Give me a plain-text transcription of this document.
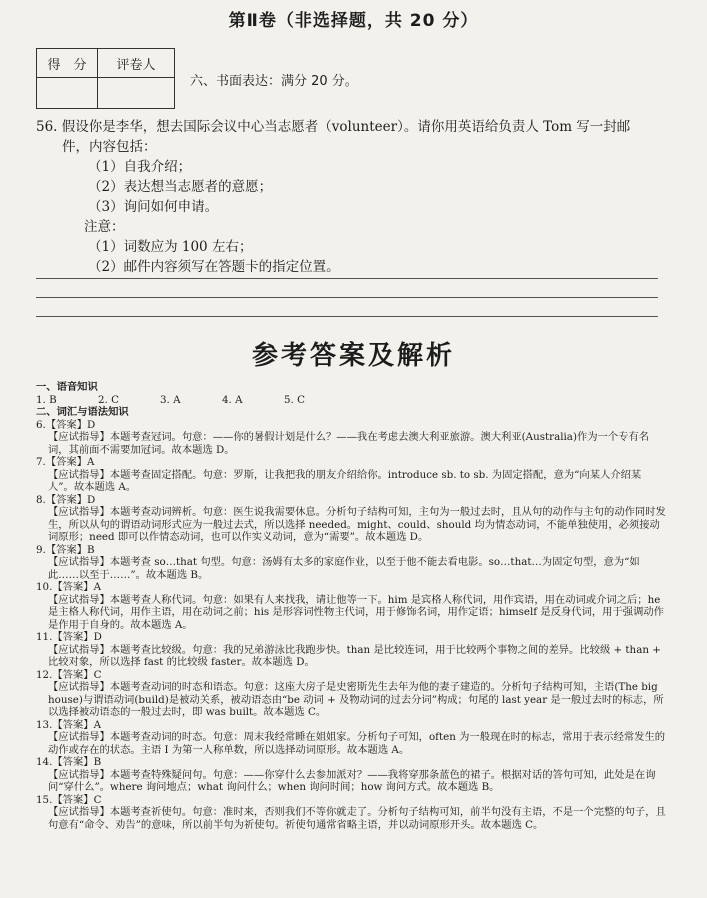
第Ⅱ卷（非选择题，共 20 分）
得　分	评卷人

六、书面表达：满分 20 分。
56. 假设你是李华，想去国际会议中心当志愿者（volunteer）。请你用英语给负责人 Tom 写一封邮
件，内容包括：
（1）自我介绍；
（2）表达想当志愿者的意愿；
（3）询问如何申请。
注意：
（1）词数应为 100 左右；
（2）邮件内容须写在答题卡的指定位置。
参考答案及解析

一、语音知识

1. B	2. C	3. A	4. A	5. C

二、词汇与语法知识

6.【答案】D

【应试指导】本题考查冠词。句意：——你的暑假计划是什么？——我在考虑去澳大利亚旅游。澳大利亚(Australia)作为一个专有名词，其前面不需要加冠词。故本题选 D。

7.【答案】A

【应试指导】本题考查固定搭配。句意：罗斯，让我把我的朋友介绍给你。introduce sb. to sb. 为固定搭配，意为“向某人介绍某人”。故本题选 A。

8.【答案】D

【应试指导】本题考查动词辨析。句意：医生说我需要休息。分析句子结构可知，主句为一般过去时，且从句的动作与主句的动作同时发生，所以从句的谓语动词形式应为一般过去式，所以选择 needed。might、could、should 均为情态动词，不能单独使用，必须接动词原形；need 即可以作情态动词，也可以作实义动词，意为“需要”。故本题选 D。

9.【答案】B

【应试指导】本题考查 so…that 句型。句意：汤姆有太多的家庭作业，以至于他不能去看电影。so…that…为固定句型，意为“如此……以至于……”。故本题选 B。

10.【答案】A

【应试指导】本题考查人称代词。句意：如果有人来找我，请让他等一下。him 是宾格人称代词，用作宾语，用在动词或介词之后；he 是主格人称代词，用作主语，用在动词之前；his 是形容词性物主代词，用于修饰名词，用作定语；himself 是反身代词，用于强调动作是作用于自身的。故本题选 A。

11.【答案】D

【应试指导】本题考查比较级。句意：我的兄弟游泳比我跑步快。than 是比较连词，用于比较两个事物之间的差异。比较级 + than + 比较对象，所以选择 fast 的比较级 faster。故本题选 D。

12.【答案】C

【应试指导】本题考查动词的时态和语态。句意：这座大房子是史密斯先生去年为他的妻子建造的。分析句子结构可知，主语(The big house)与谓语动词(build)是被动关系，被动语态由“be 动词 + 及物动词的过去分词”构成；句尾的 last year 是一般过去时的标志，所以选择被动语态的一般过去时，即 was built。故本题选 C。

13.【答案】A

【应试指导】本题考查动词的时态。句意：周末我经常睡在姐姐家。分析句子可知，often 为一般现在时的标志，常用于表示经常发生的动作或存在的状态。主语 I 为第一人称单数，所以选择动词原形。故本题选 A。

14.【答案】B

【应试指导】本题考查特殊疑问句。句意：——你穿什么去参加派对？——我将穿那条蓝色的裙子。根据对话的答句可知，此处是在询问“穿什么”。where 询问地点；what 询问什么；when 询问时间；how 询问方式。故本题选 B。

15.【答案】C

【应试指导】本题考查祈使句。句意：准时来，否则我们不等你就走了。分析句子结构可知，前半句没有主语，不是一个完整的句子，且句意有“命令、劝告”的意味，所以前半句为祈使句。祈使句通常省略主语，并以动词原形开头。故本题选 C。
